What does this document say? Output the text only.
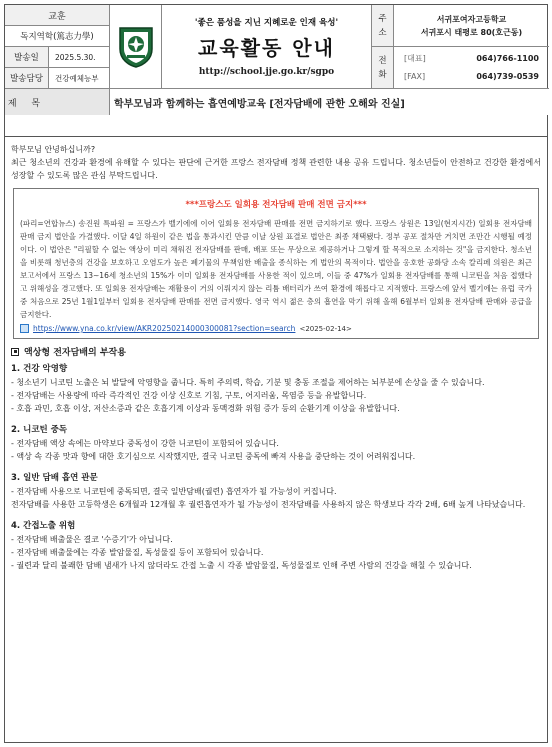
교훈
독지역학(篤志力學)
발송일	2025.5.30.
발송담당	건강예체능부
'좋은 품성을 지닌 지혜로운 인재 육성'
교육활동 안내
http://school.jje.go.kr/sgpo
주
소
서귀포여자고등학교
서귀포시 태평로 80(호근동)
전
화
[대표]	064)766-1100
[FAX]	064)739-0539
제 목	학부모님과 함께하는 흡연예방교육 [전자담배에 관한 오해와 진실]
학부모님 안녕하십니까?
최근 청소년의 건강과 환경에 유해할 수 있다는 판단에 근거한 프랑스 전자담배 정책 관련한 내용 공유 드립니다. 청소년들이 안전하고 건강한 환경에서 성장할 수 있도록 많은 관심 부탁드립니다.
***프랑스도 일회용 전자담배 판매 전면 금지***
(파리=연합뉴스) 송진원 특파원 = 프랑스가 벨기에에 이어 일회용 전자담배 판매를 전면 금지하기로 했다. 프랑스 상원은 13일(현지시간) 일회용 전자담배 판매 금지 법안을 가결했다. 이달 4일 하원이 같은 법을 통과시킨 만큼 이날 상원 표결로 법안은 최종 채택됐다. 정부 공포 절차만 거치면 조만간 시행될 예정이다. 이 법안은 "리필할 수 없는 액상이 미리 채워진 전자담배를 판매, 배포 또는 무상으로 제공하거나 그렇게 할 목적으로 소지하는 것"을 금지한다. 청소년을 비롯해 청년층의 건강을 보호하고 오염도가 높은 폐기물의 무책임한 배출을 종식하는 게 법안의 목적이다. 법안을 옹호한 공화당 소속 칼리페 의원은 최근 보고서에서 프랑스 13∼16세 청소년의 15%가 이미 일회용 전자담배를 사용한 적이 있으며, 이들 중 47%가 일회용 전자담배를 통해 니코틴을 처음 접했다고 위해성을 경고했다. 또 일회용 전자담배는 재활용이 거의 이뤄지지 않는 리튬 배터리가 쓰여 환경에 해롭다고 지적했다. 프랑스에 앞서 벨기에는 유럽 국가 중 처음으로 25년 1월1일부터 일회용 전자담배 판매를 전면 금지했다. 영국 역시 젊은 층의 흡연을 막기 위해 올해 6월부터 일회용 전자담배 판매와 공급을 금지한다.
https://www.yna.co.kr/view/AKR20250214000300081?section=search <2025-02-14>
액상형 전자담배의 부작용
1. 건강 악영향
- 청소년기 니코틴 노출은 뇌 발달에 악영향을 줍니다. 특히 주의력, 학습, 기분 및 충동 조절을 제어하는 뇌부분에 손상을 줄 수 있습니다.
- 전자담배는 사용량에 따라 즉각적인 건강 이상 신호로 기침, 구토, 어지러움, 목염증 등을 유발합니다.
- 호흡 과민, 호흡 이상, 저산소증과 같은 호흡기계 이상과 동맥경화 위험 증가 등의 순환기계 이상을 유발합니다.
2. 니코틴 중독
- 전자담배 액상 속에는 마약보다 중독성이 강한 니코틴이 포함되어 있습니다.
- 액상 속 각종 맛과 향에 대한 호기심으로 시작했지만, 결국 니코틴 중독에 빠져 사용을 중단하는 것이 어려워집니다.
3. 일반 담배 흡연 관문
- 전자담배 사용으로 니코틴에 중독되면, 결국 일반담배(궐련) 흡연자가 될 가능성이 커집니다.
전자담배를 사용한 고등학생은 6개월과 12개월 후 궐련흡연자가 될 가능성이 전자담배를 사용하지 않은 학생보다 각각 2배, 6배 높게 나타났습니다.
4. 간접노출 위험
- 전자담배 배출물은 결코 '수증기'가 아닙니다.
- 전자담배 배출물에는 각종 발암물질, 독성물질 등이 포함되어 있습니다.
- 궐련과 달리 불쾌한 담배 냄새가 나지 않더라도 간접 노출 시 각종 발암물질, 독성물질로 인해 주변 사람의 건강을 해칠 수 있습니다.
